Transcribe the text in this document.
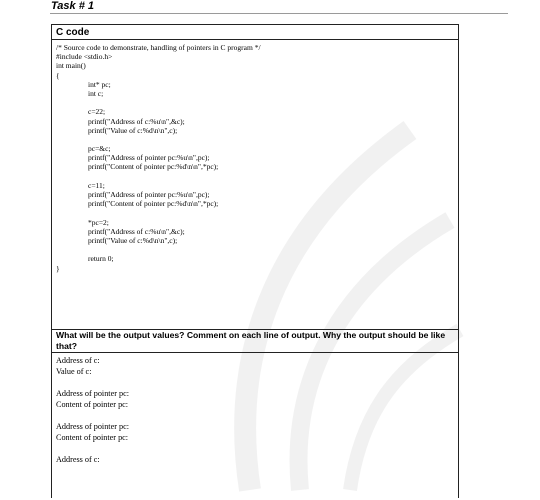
Task # 1
C code
/* Source code to demonstrate, handling of pointers in C program */
#include <stdio.h>
int main()
{
int* pc;
int c;
c=22;
printf("Address of c:%u\n",&c);
printf("Value of c:%d\n\n",c);
pc=&c;
printf("Address of pointer pc:%u\n",pc);
printf("Content of pointer pc:%d\n\n",*pc);
c=11;
printf("Address of pointer pc:%u\n",pc);
printf("Content of pointer pc:%d\n\n",*pc);
*pc=2;
printf("Address of c:%u\n",&c);
printf("Value of c:%d\n\n",c);
return 0;
}
What will be the output values? Comment on each line of output. Why the output should be like that?
Address of c:
Value of c:
Address of pointer pc:
Content of pointer pc:
Address of pointer pc:
Content of pointer pc:
Address of c:
